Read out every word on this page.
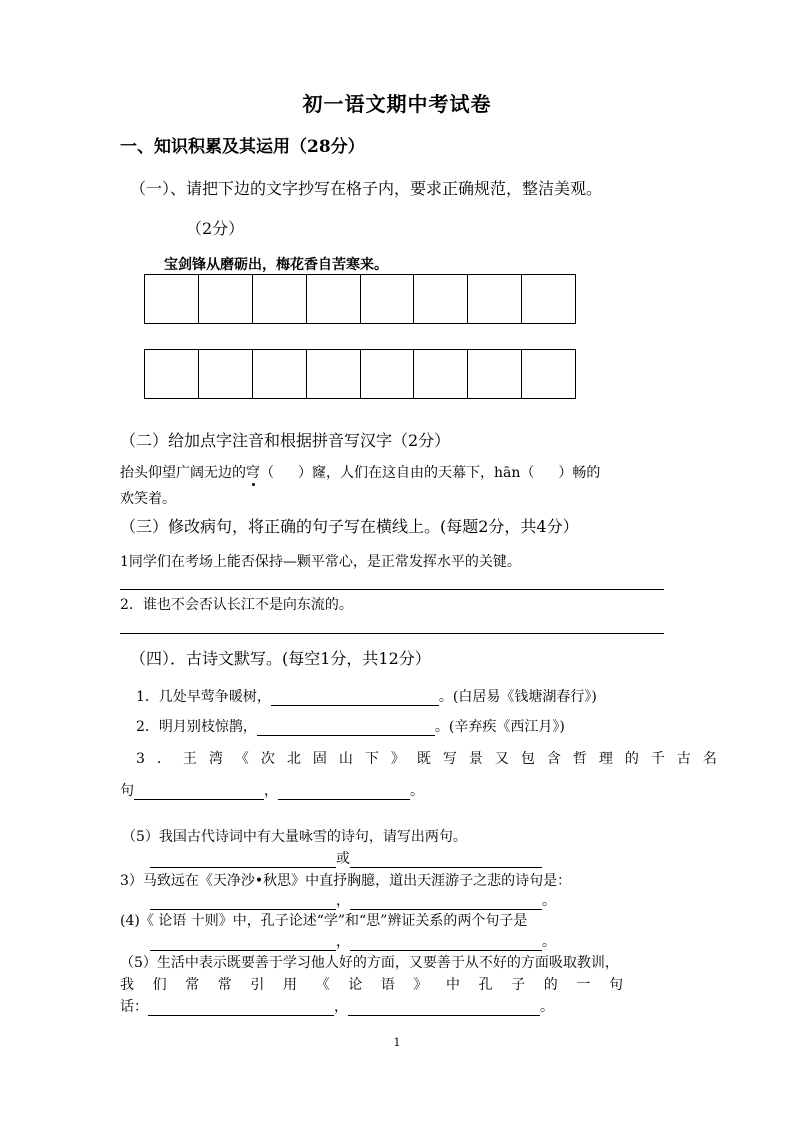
初一语文期中考试卷
一、知识积累及其运用（28分）
（一）、请把下边的文字抄写在格子内，要求正确规范，整洁美观。
（2分）
宝剑锋从磨砺出，梅花香自苦寒来。
（二）给加点字注音和根据拼音写汉字（2分）
抬头仰望广阔无边的穹（ ）窿，人们在这自由的天幕下，hān（ ）畅的
欢笑着。
（三）修改病句，将正确的句子写在横线上。(每题2分，共4分）
1同学们在考场上能否保持—颗平常心，是正常发挥水平的关键。
2．谁也不会否认长江不是向东流的。
（四）．古诗文默写。(每空1分，共12分）
1．几处早莺争暖树，	。(白居易《钱塘湖春行》)
2．明月别枝惊鹊，	。(辛弃疾《西江月》)
3．王湾《次北固山下》既写景又包含哲理的千古名
句	，	。
（5）我国古代诗词中有大量咏雪的诗句，请写出两句。
或
3）马致远在《天净沙•秋思》中直抒胸臆，道出天涯游子之悲的诗句是：
，	。
(4)《 论语 十则》中，孔子论述“学”和“思”辨证关系的两个句子是
，	。
（5）生活中表示既要善于学习他人好的方面，又要善于从不好的方面吸取教训，
我们常常引用《论语》中孔子的一句
话：	，	。
1
